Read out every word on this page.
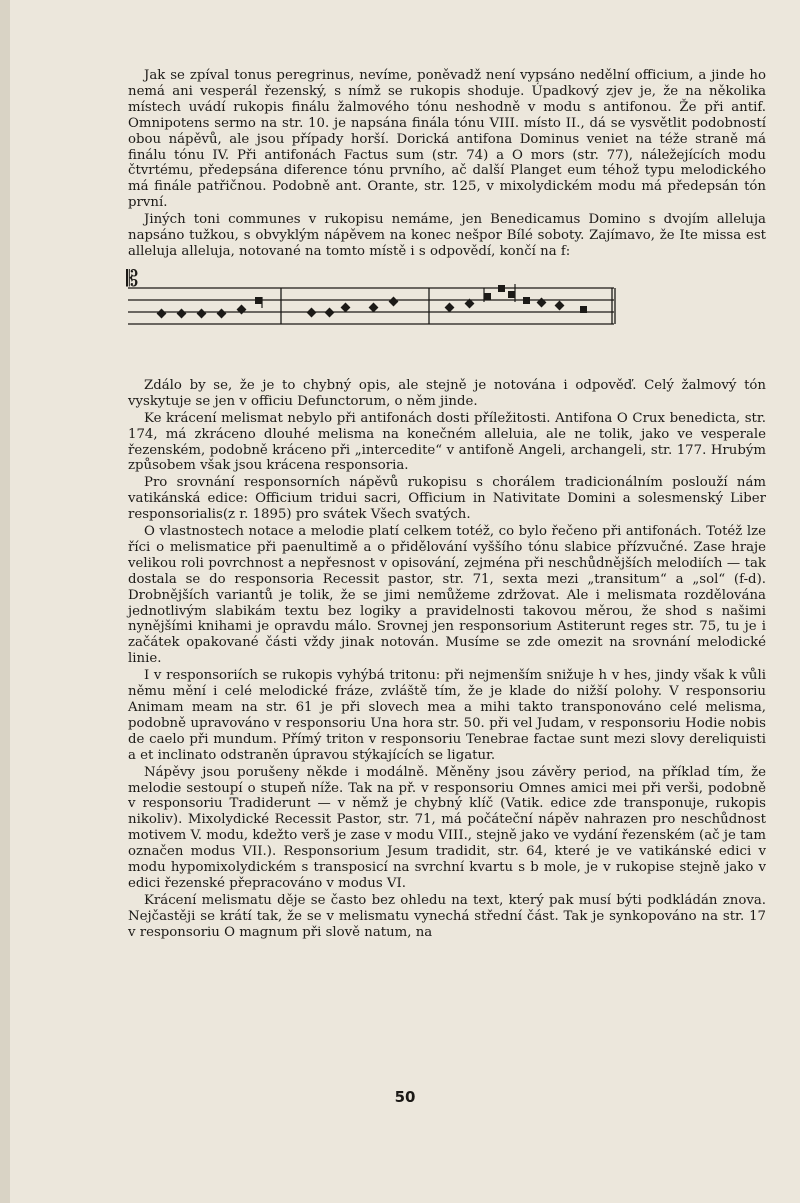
Jak se zpíval tonus peregrinus, nevíme, poněvadž není vypsáno nedělní officium, a jinde ho nemá ani vesperál řezenský, s nímž se rukopis shoduje. Úpadkový zjev je, že na několika místech uvádí rukopis finálu žalmového tónu neshodně v modu s antifonou. Že při antif. Omnipotens sermo na str. 10. je napsána finála tónu VIII. místo II., dá se vysvětlit podobností obou nápěvů, ale jsou případy horší. Dorická antifona Dominus veniet na téže straně má finálu tónu IV. Při antifonách Factus sum (str. 74) a O mors (str. 77), náležejících modu čtvrtému, předepsána diference tónu prvního, ač další Planget eum téhož typu melodického má finále patřičnou. Podobně ant. Orante, str. 125, v mixolydickém modu má předepsán tón první.

Jiných toni communes v rukopisu nemáme, jen Benedicamus Domino s dvojím alleluja napsáno tužkou, s obvyklým nápěvem na konec nešpor Bílé soboty. Zajímavo, že Ite missa est alleluja alleluja, notované na tomto místě i s odpovědí, končí na f:

𝄡

Zdálo by se, že je to chybný opis, ale stejně je notována i odpověď. Celý žalmový tón vyskytuje se jen v officiu Defunctorum, o něm jinde.

Ke krácení melismat nebylo při antifonách dosti příležitosti. Antifona O Crux benedicta, str. 174, má zkráceno dlouhé melisma na konečném alleluia, ale ne tolik, jako ve vesperale řezenském, podobně kráceno při „intercedite“ v antifoně Angeli, archangeli, str. 177. Hrubým způsobem však jsou krácena responsoria.

Pro srovnání responsorních nápěvů rukopisu s chorálem tradicionálním poslouží nám vatikánská edice: Officium tridui sacri, Officium in Nativitate Domini a solesmenský Liber responsorialis(z r. 1895) pro svátek Všech svatých.

O vlastnostech notace a melodie platí celkem totéž, co bylo řečeno při antifonách. Totéž lze říci o melismatice při paenultimě a o přidělování vyššího tónu slabice přízvučné. Zase hraje velikou roli povrchnost a nepřesnost v opisování, zejména při neschůdnějších melodiích — tak dostala se do responsoria Recessit pastor, str. 71, sexta mezi „transitum“ a „sol“ (f-d). Drobnějších variantů je tolik, že se jimi nemůžeme zdržovat. Ale i melismata rozdělována jednotlivým slabikám textu bez logiky a pravidelnosti takovou měrou, že shod s našimi nynějšími knihami je opravdu málo. Srovnej jen responsorium Astiterunt reges str. 75, tu je i začátek opakované části vždy jinak notován. Musíme se zde omezit na srovnání melodické linie.

I v responsoriích se rukopis vyhýbá tritonu: při nejmenším snižuje h v hes, jindy však k vůli němu mění i celé melodické fráze, zvláště tím, že je klade do nižší polohy. V responsoriu Animam meam na str. 61 je při slovech mea a mihi takto transponováno celé melisma, podobně upravováno v responsoriu Una hora str. 50. při vel Judam, v responsoriu Hodie nobis de caelo při mundum. Přímý triton v responsoriu Tenebrae factae sunt mezi slovy dereliquisti a et inclinato odstraněn úpravou stýkajících se ligatur.

Nápěvy jsou porušeny někde i modálně. Měněny jsou závěry period, na příklad tím, že melodie sestoupí o stupeň níže. Tak na př. v responsoriu Omnes amici mei při verši, podobně v responsoriu Tradiderunt — v němž je chybný klíč (Vatik. edice zde transponuje, rukopis nikoliv). Mixolydické Recessit Pastor, str. 71, má počáteční nápěv nahrazen pro neschůdnost motivem V. modu, kdežto verš je zase v modu VIII., stejně jako ve vydání řezenském (ač je tam označen modus VII.). Responsorium Jesum tradidit, str. 64, které je ve vatikánské edici v modu hypomixolydickém s transposicí na svrchní kvartu s b mole, je v rukopise stejně jako v edici řezenské přepracováno v modus VI.

Krácení melismatu děje se často bez ohledu na text, který pak musí býti podkládán znova. Nejčastěji se krátí tak, že se v melismatu vynechá střední část. Tak je synkopováno na str. 17 v responsoriu O magnum při slově natum, na

50
